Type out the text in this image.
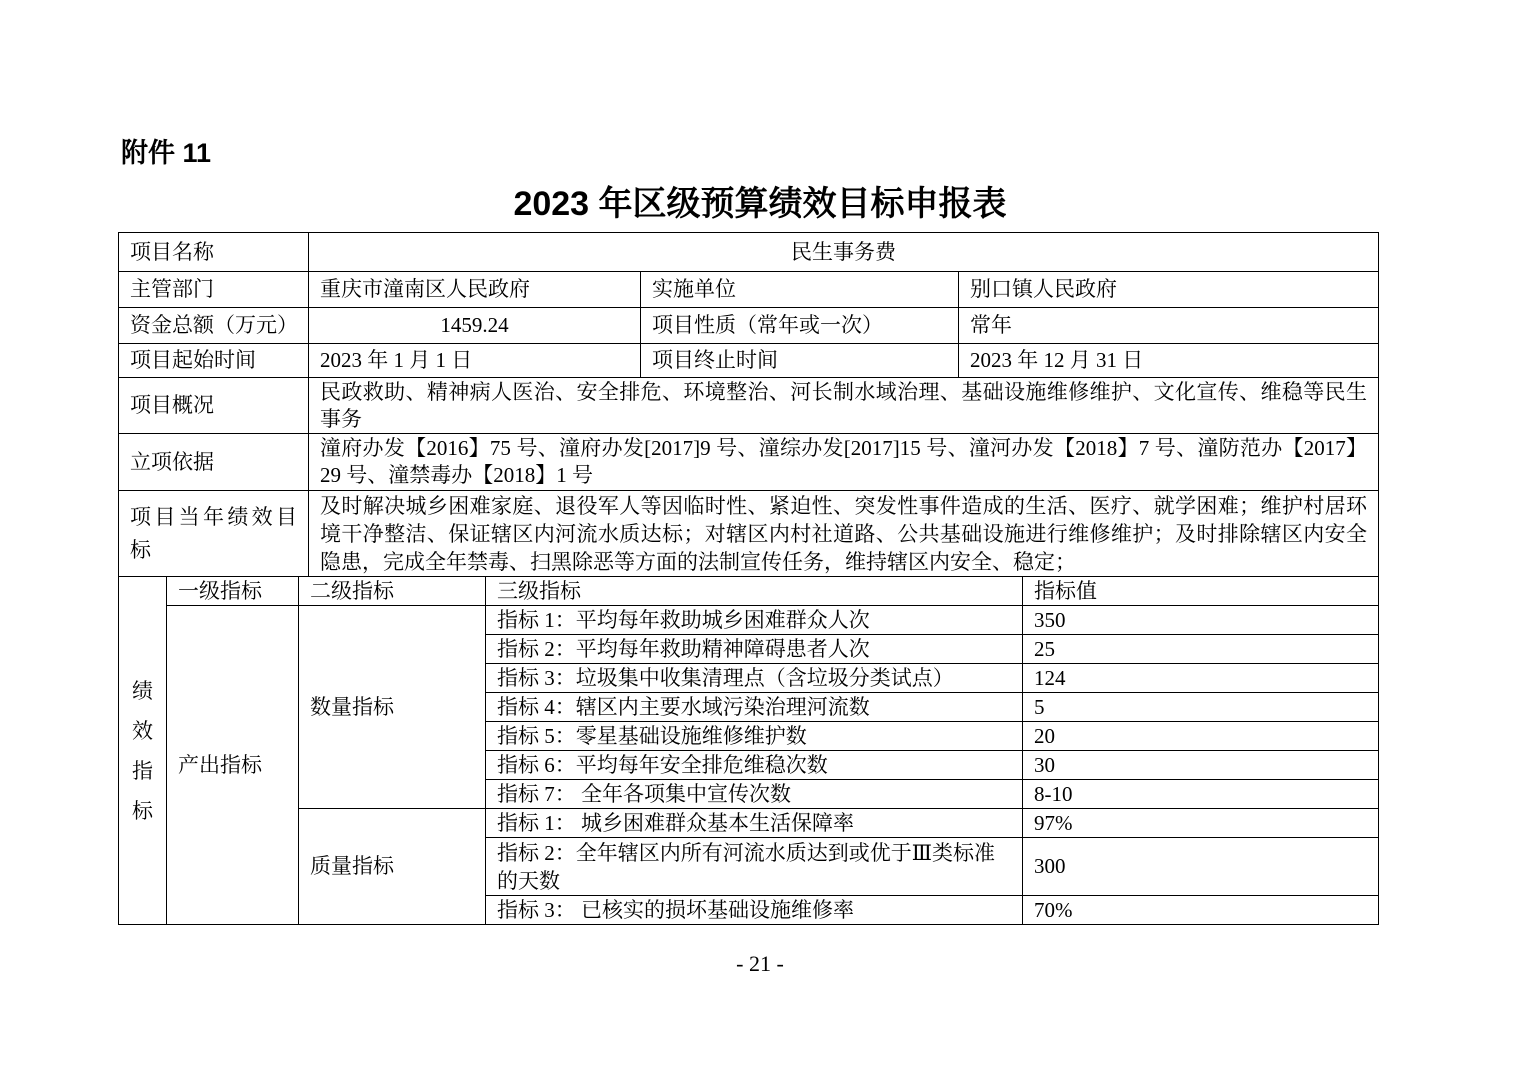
附件 11
2023 年区级预算绩效目标申报表
项目名称	民生事务费		
主管部门	重庆市潼南区人民政府	实施单位	别口镇人民政府
资金总额（万元）	1459.24	项目性质（常年或一次）	常年
项目起始时间	2023 年 1 月 1 日	项目终止时间	2023 年 12 月 31 日
项目概况	民政救助、精神病人医治、安全排危、环境整治、河长制水域治理、基础设施维修维护、文化宣传、维稳等民生事务		
立项依据	潼府办发【2016】75 号、潼府办发[2017]9 号、潼综办发[2017]15 号、潼河办发【2018】7 号、潼防范办【2017】29 号、潼禁毒办【2018】1 号		
项目当年绩效目标	及时解决城乡困难家庭、退役军人等因临时性、紧迫性、突发性事件造成的生活、医疗、就学困难；维护村居环境干净整洁、保证辖区内河流水质达标；对辖区内村社道路、公共基础设施进行维修维护；及时排除辖区内安全隐患，完成全年禁毒、扫黑除恶等方面的法制宣传任务，维持辖区内安全、稳定；		
绩效指标	一级指标	二级指标	三级指标	指标值
	产出指标	数量指标	指标 1：平均每年救助城乡困难群众人次	350
			指标 2：平均每年救助精神障碍患者人次	25
			指标 3：垃圾集中收集清理点（含垃圾分类试点）	124
			指标 4：辖区内主要水域污染治理河流数	5
			指标 5：零星基础设施维修维护数	20
			指标 6：平均每年安全排危维稳次数	30
			指标 7： 全年各项集中宣传次数	8-10
		质量指标	指标 1： 城乡困难群众基本生活保障率	97%
			指标 2：全年辖区内所有河流水质达到或优于Ⅲ类标准的天数	300
			指标 3： 已核实的损坏基础设施维修率	70%
- 21 -
